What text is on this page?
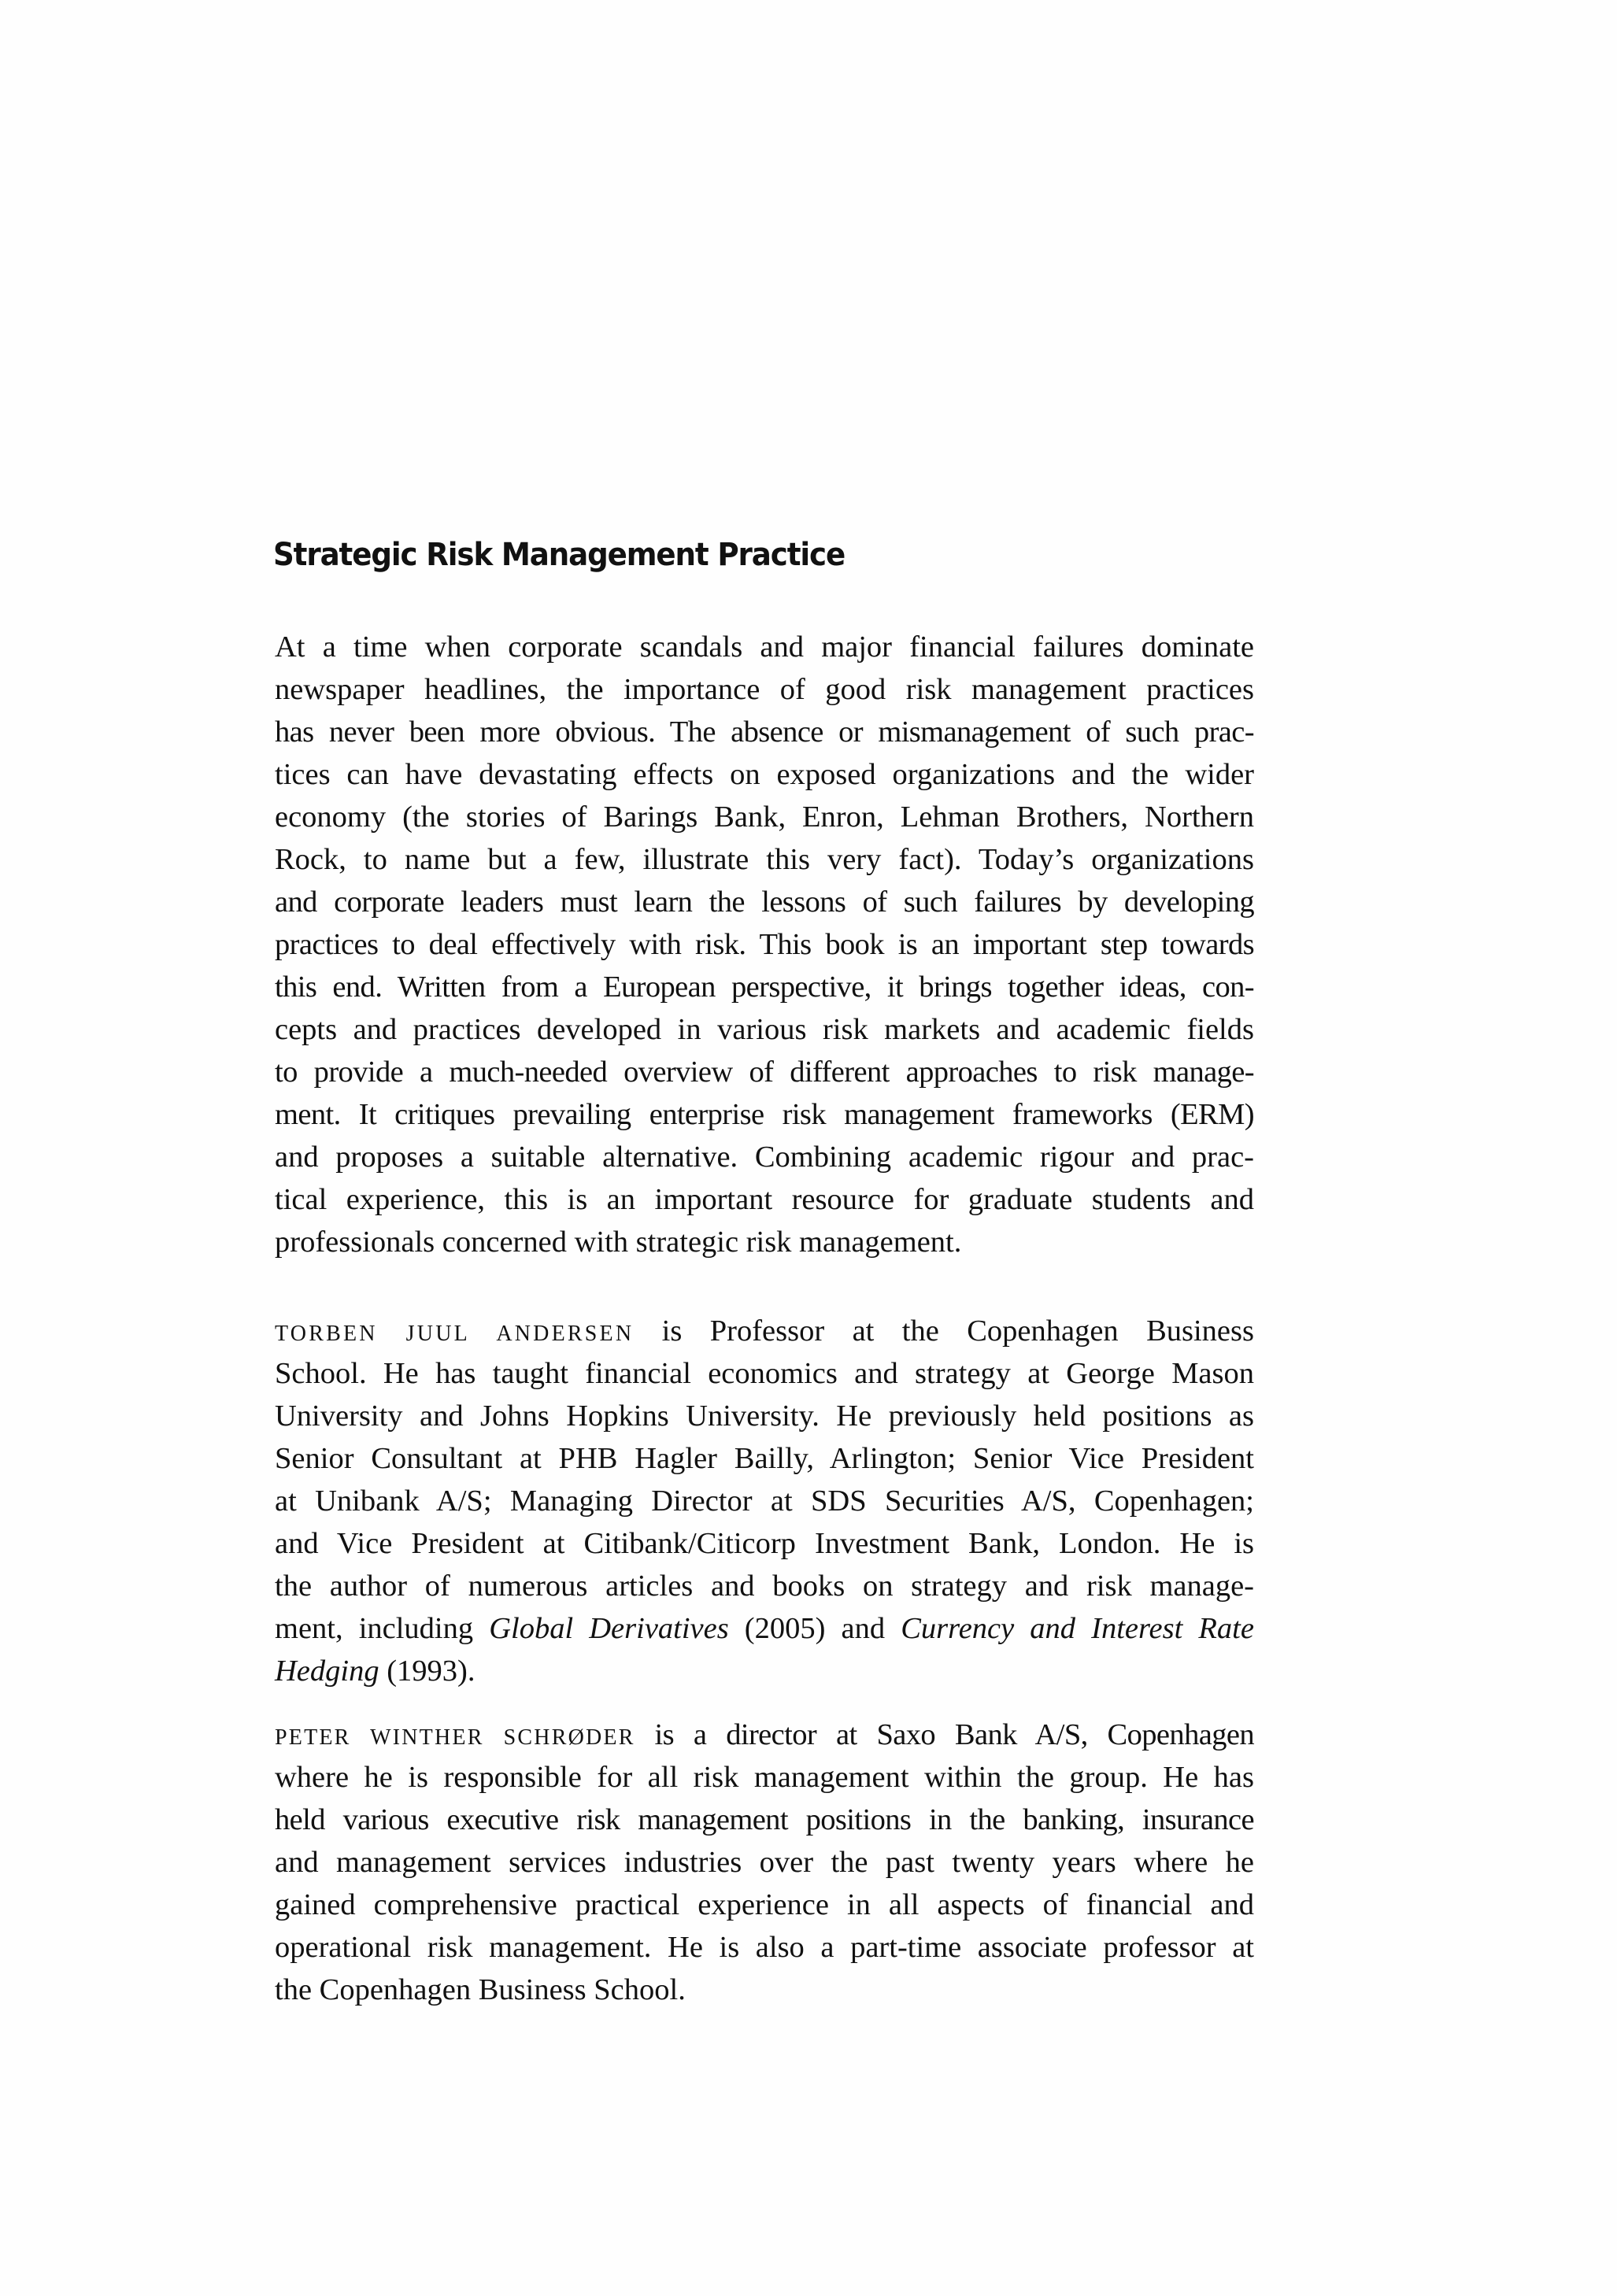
Strategic Risk Management Practice
At a time when corporate scandals and major financial failures dominate
newspaper headlines, the importance of good risk management practices
has never been more obvious. The absence or mismanagement of such prac-
tices can have devastating effects on exposed organizations and the wider
economy (the stories of Barings Bank, Enron, Lehman Brothers, Northern
Rock, to name but a few, illustrate this very fact). Today’s organizations
and corporate leaders must learn the lessons of such failures by developing
practices to deal effectively with risk. This book is an important step towards
this end. Written from a European perspective, it brings together ideas, con-
cepts and practices developed in various risk markets and academic fields
to provide a much-needed overview of different approaches to risk manage-
ment. It critiques prevailing enterprise risk management frameworks (ERM)
and proposes a suitable alternative. Combining academic rigour and prac-
tical experience, this is an important resource for graduate students and
professionals concerned with strategic risk management.
TORBEN JUUL ANDERSEN is Professor at the Copenhagen Business
School. He has taught financial economics and strategy at George Mason
University and Johns Hopkins University. He previously held positions as
Senior Consultant at PHB Hagler Bailly, Arlington; Senior Vice President
at Unibank A/S; Managing Director at SDS Securities A/S, Copenhagen;
and Vice President at Citibank/Citicorp Investment Bank, London. He is
the author of numerous articles and books on strategy and risk manage-
ment, including Global Derivatives (2005) and Currency and Interest Rate
Hedging (1993).
PETER WINTHER SCHRØDER is a director at Saxo Bank A/S, Copenhagen
where he is responsible for all risk management within the group. He has
held various executive risk management positions in the banking, insurance
and management services industries over the past twenty years where he
gained comprehensive practical experience in all aspects of financial and
operational risk management. He is also a part-time associate professor at
the Copenhagen Business School.
